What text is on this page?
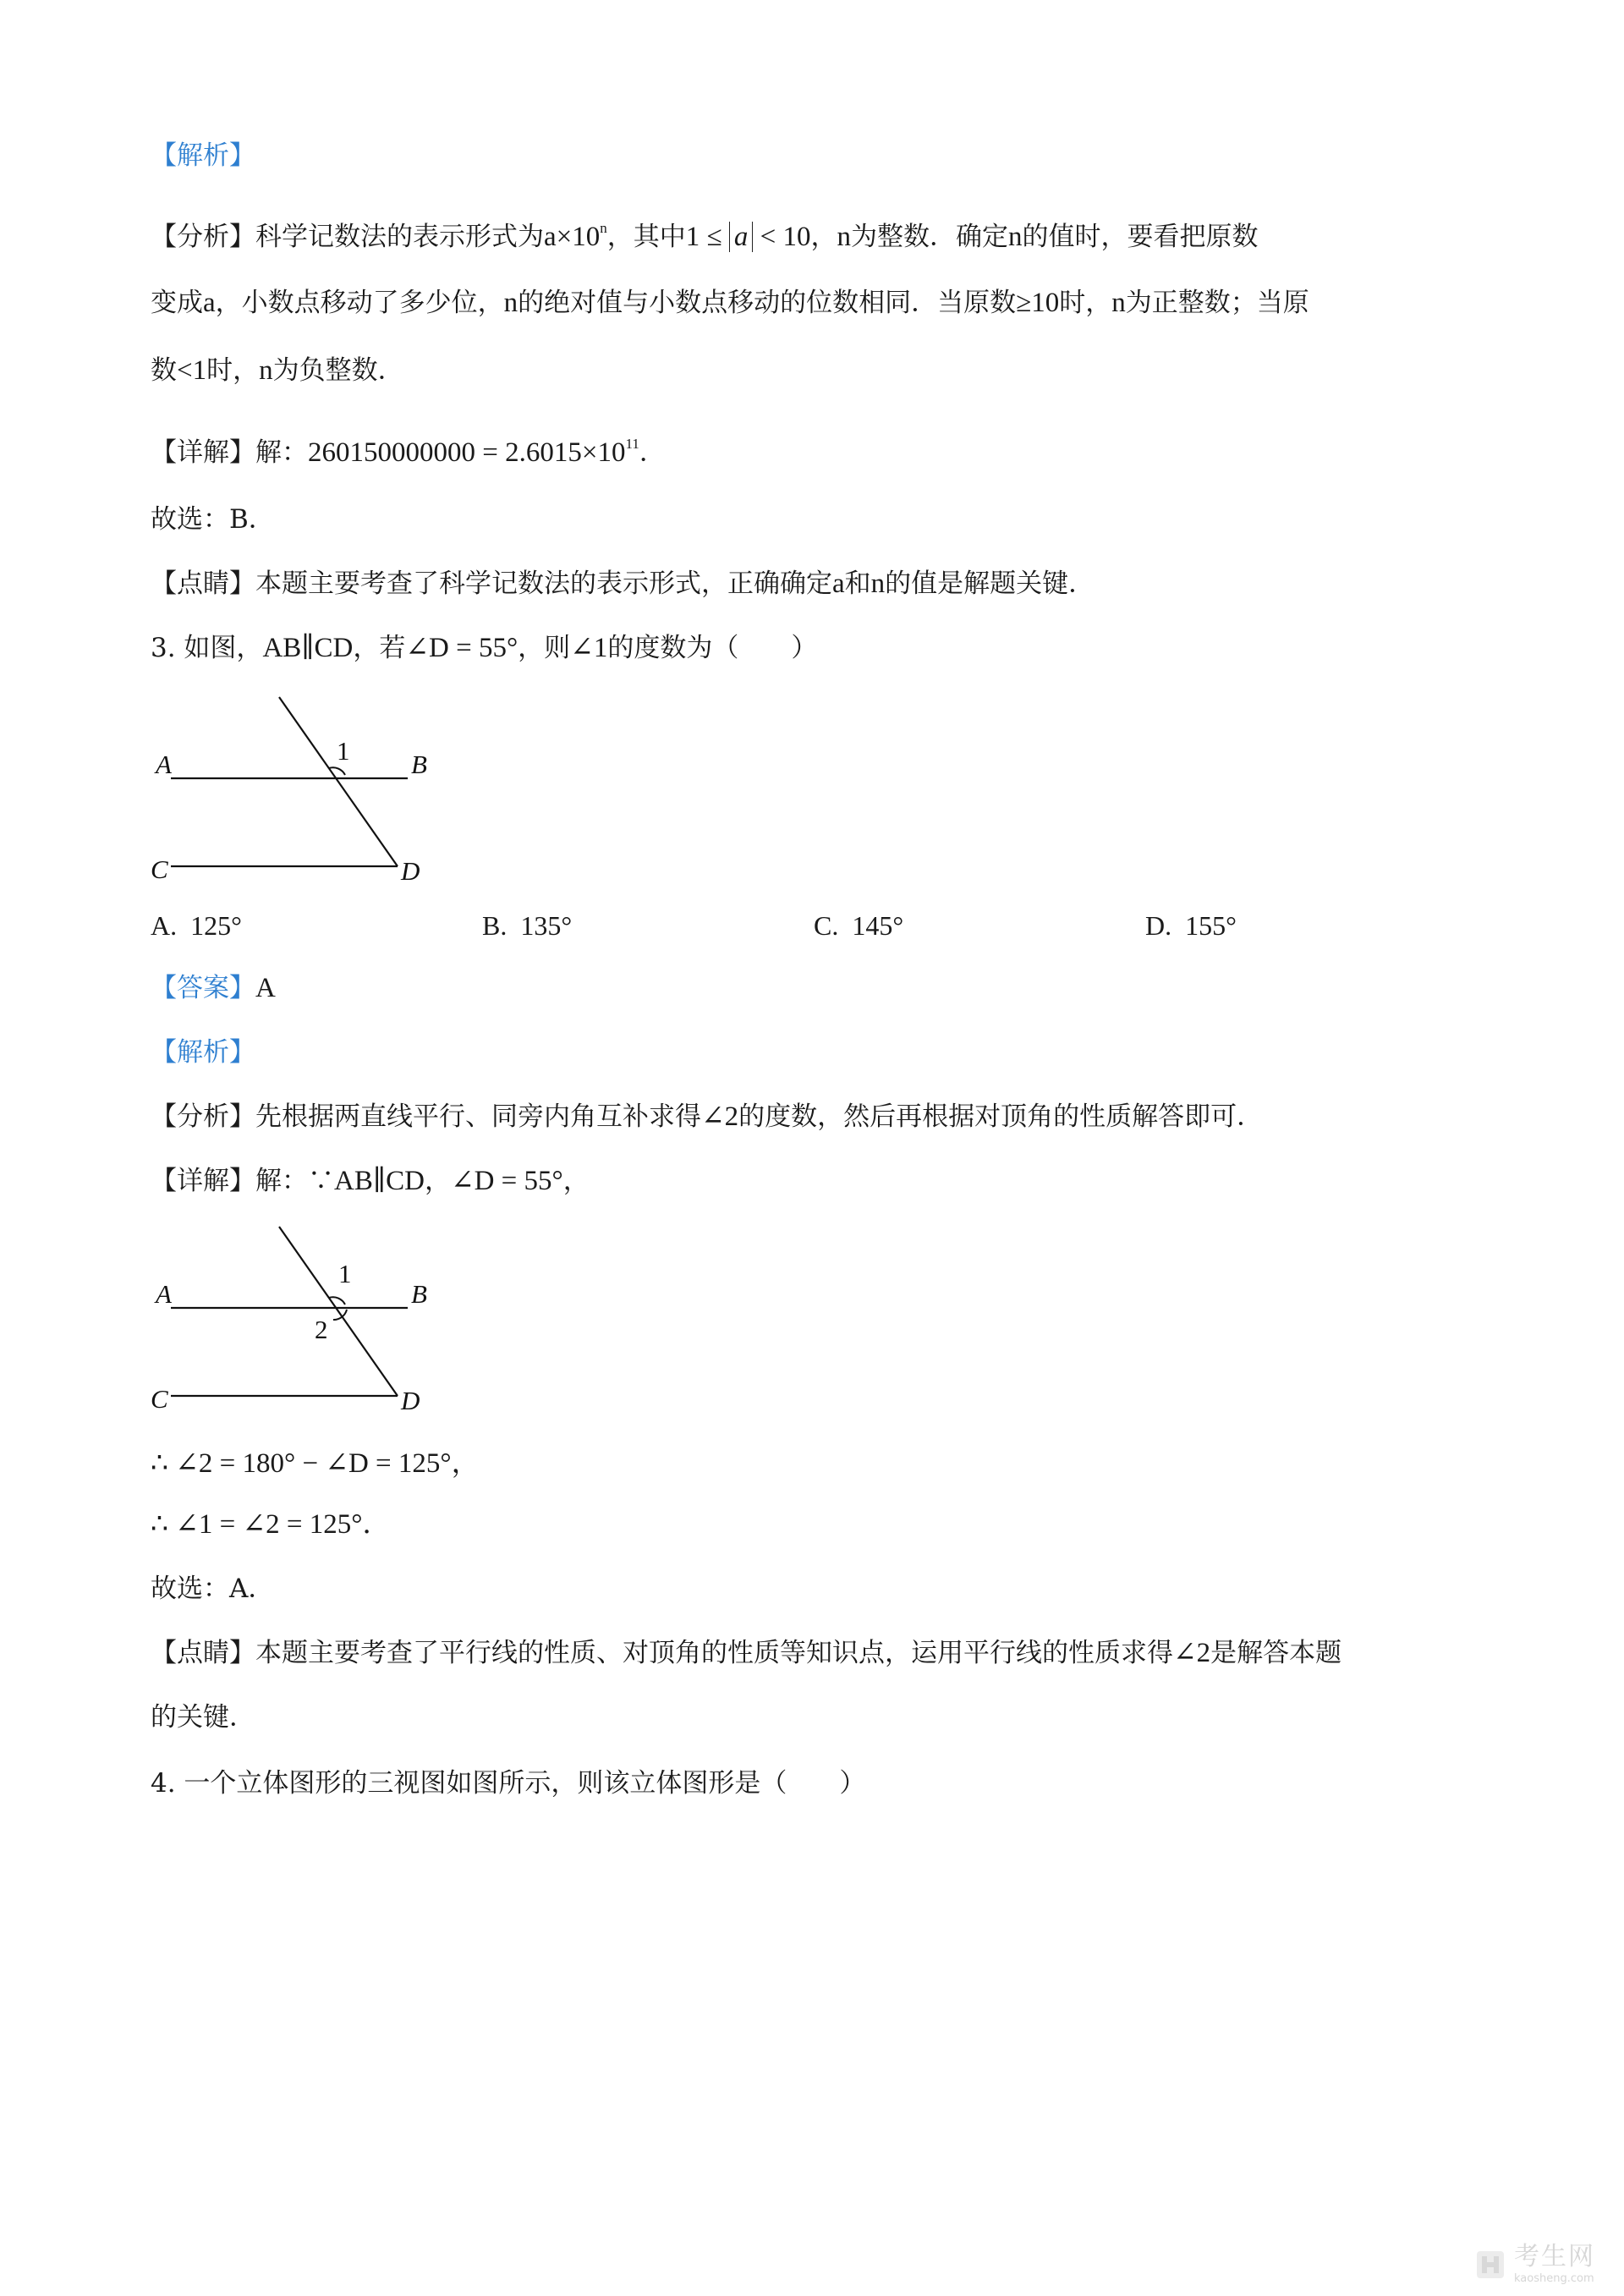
【解析】
【分析】科学记数法的表示形式为$a\times 10^n$，其中1 ≤ a < 10，n为整数．确定n的值时，要看把原数
变成a，小数点移动了多少位，n的绝对值与小数点移动的位数相同．当原数≥10时，n为正整数；当原
数<1时，n为负整数．
【详解】解：$260150000000 = 2.6015\times 10^{11}$．
故选：B．
【点睛】本题主要考查了科学记数法的表示形式，正确确定a和n的值是解题关键．
3. 如图，AB∥CD，若∠D = 55°，则∠1的度数为（　　）
A	B
C	D
1
A. 125°	B. 135°	C. 145°	D. 155°
【答案】A
【解析】
【分析】先根据两直线平行、同旁内角互补求得∠2的度数，然后再根据对顶角的性质解答即可．
【详解】解：∵AB∥CD，∠D = 55°，
A	B
C	D
1
2
∴ ∠2 = 180° − ∠D = 125°，
∴ ∠1 = ∠2 = 125°．
故选：A．
【点睛】本题主要考查了平行线的性质、对顶角的性质等知识点，运用平行线的性质求得∠2是解答本题
的关键．
4. 一个立体图形的三视图如图所示，则该立体图形是（　　）
考生网
kaosheng.com
